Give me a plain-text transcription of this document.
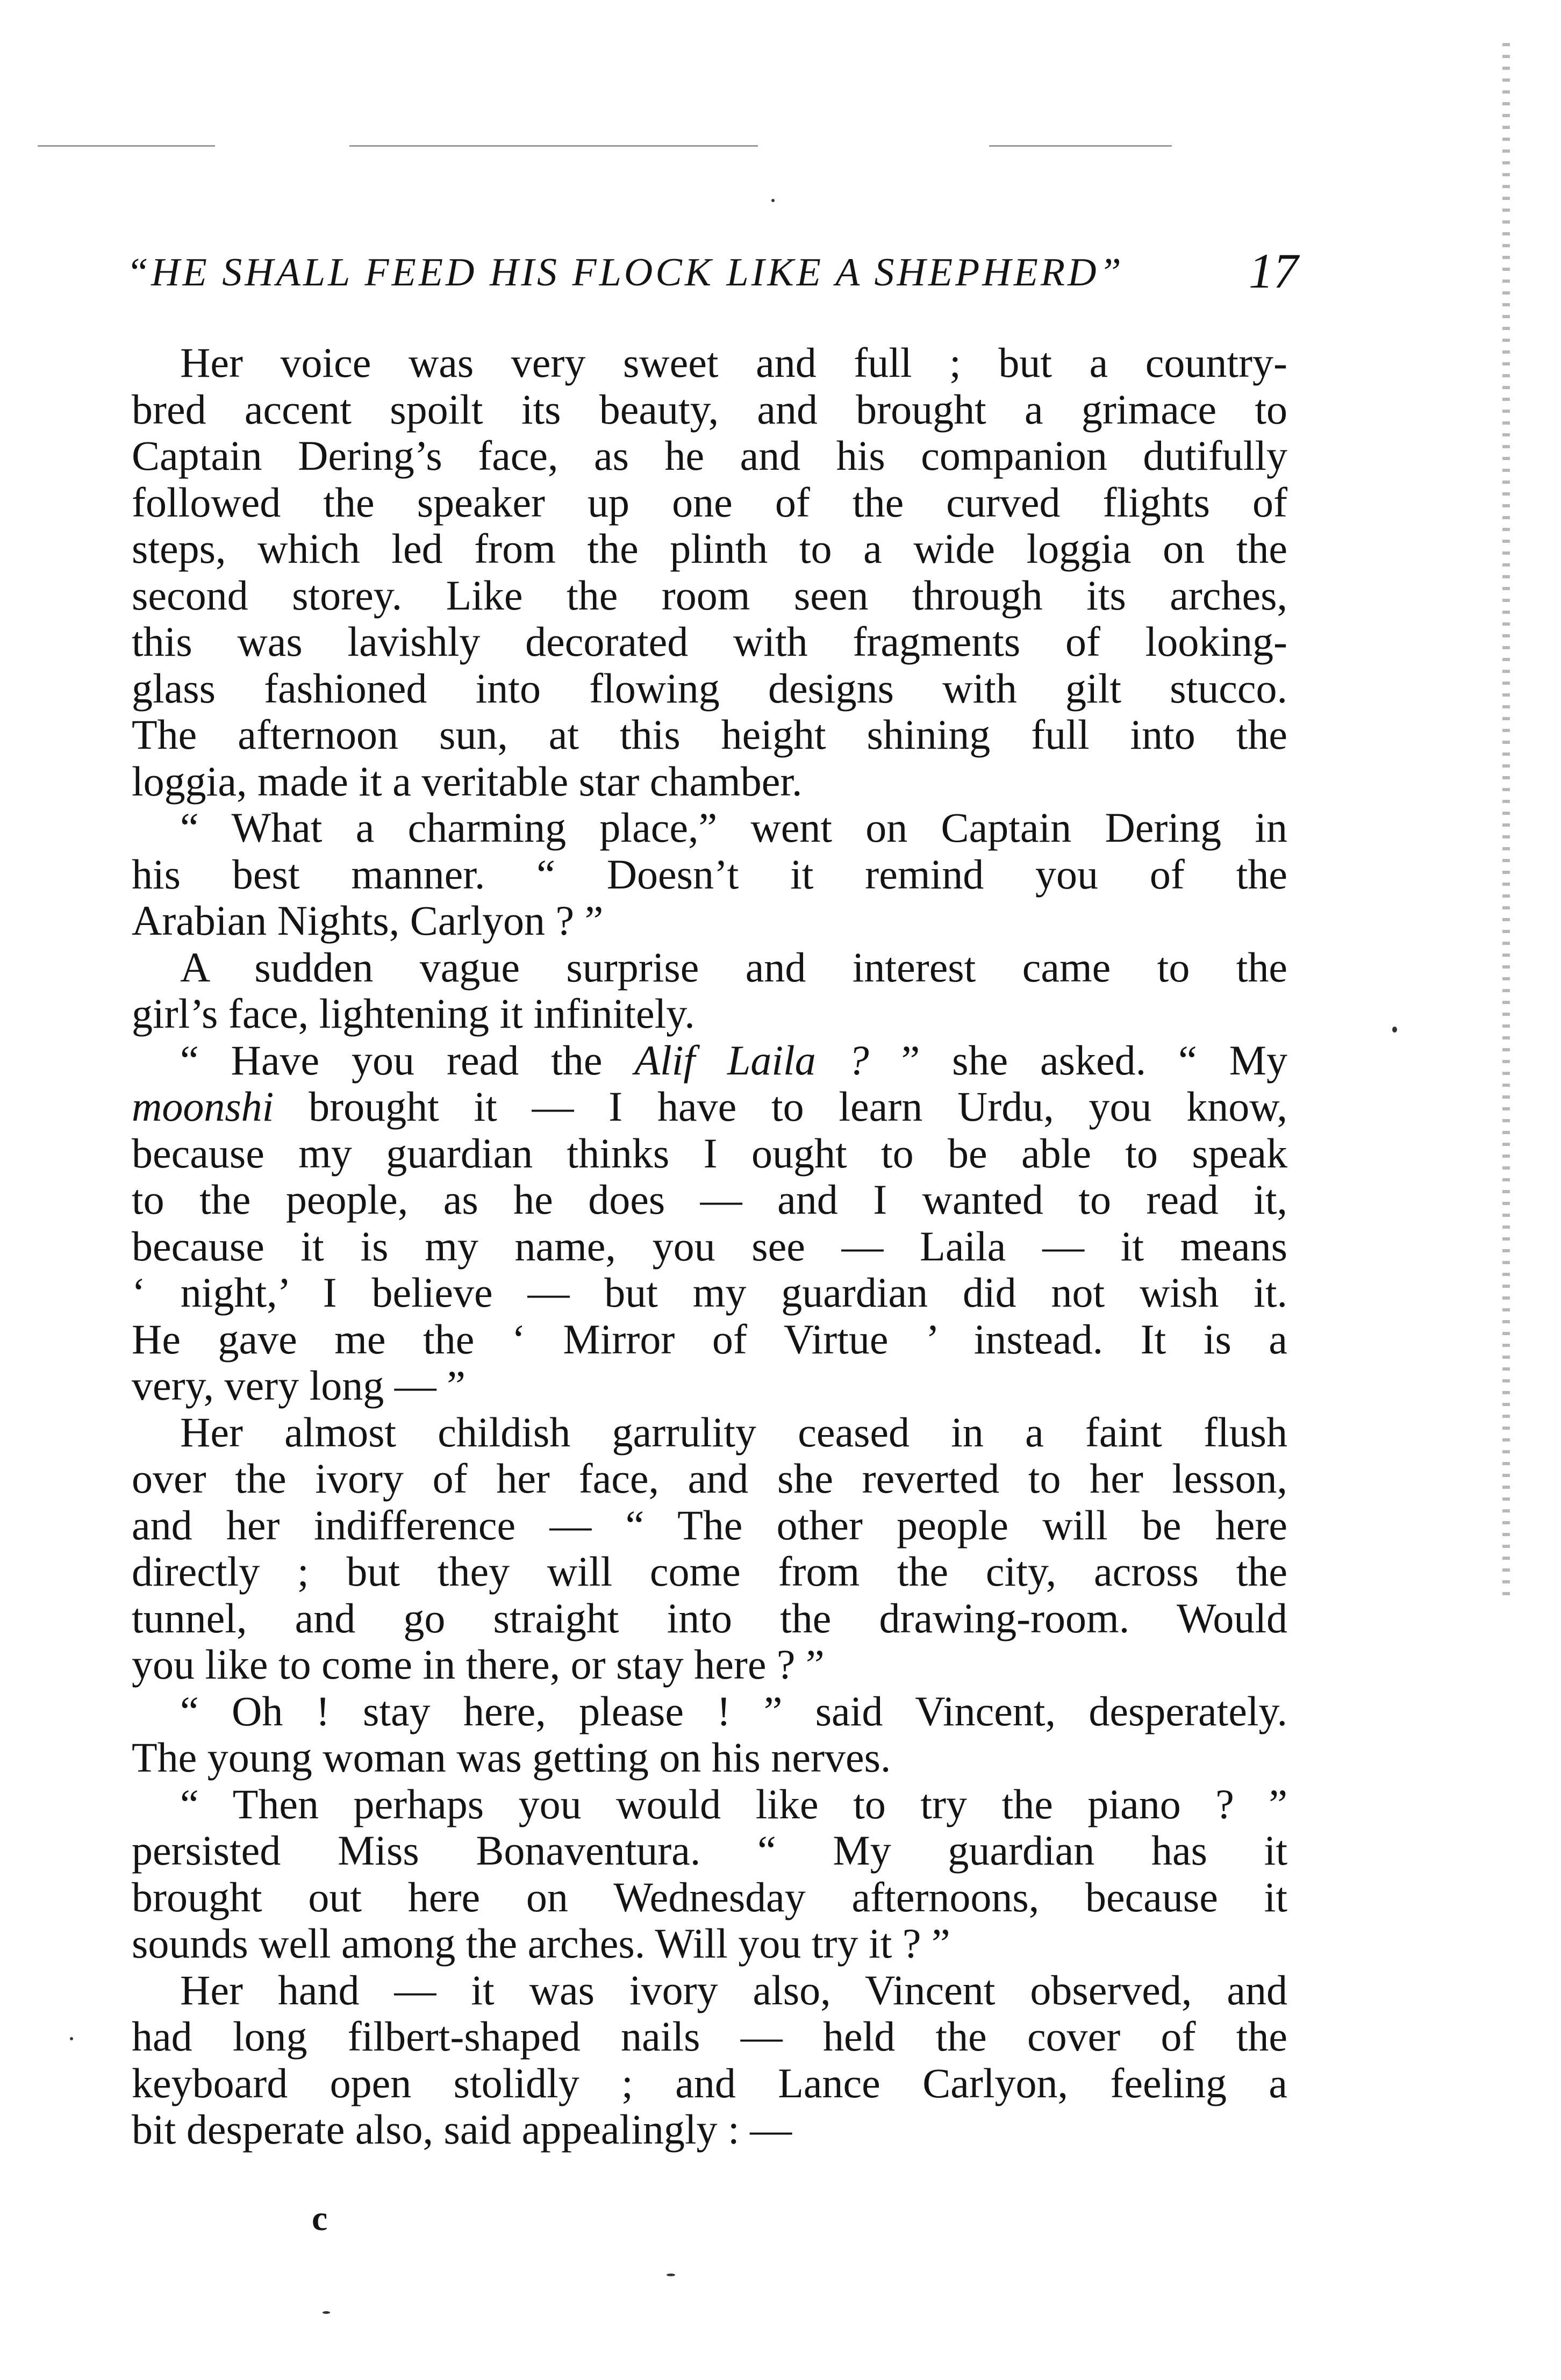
“HE SHALL FEED HIS FLOCK LIKE A SHEPHERD”	17
Her voice was very sweet and full ; but a country-
bred accent spoilt its beauty, and brought a grimace to
Captain Dering’s face, as he and his companion dutifully
followed the speaker up one of the curved flights of
steps, which led from the plinth to a wide loggia on the
second storey. Like the room seen through its arches,
this was lavishly decorated with fragments of looking-
glass fashioned into flowing designs with gilt stucco.
The afternoon sun, at this height shining full into the
loggia, made it a veritable star chamber.
“ What a charming place,” went on Captain Dering in
his best manner. “ Doesn’t it remind you of the
Arabian Nights, Carlyon ? ”
A sudden vague surprise and interest came to the
girl’s face, lightening it infinitely.
“ Have you read the Alif Laila ? ” she asked. “ My
moonshi brought it — I have to learn Urdu, you know,
because my guardian thinks I ought to be able to speak
to the people, as he does — and I wanted to read it,
because it is my name, you see — Laila — it means
‘ night,’ I believe — but my guardian did not wish it.
He gave me the ‘ Mirror of Virtue ’ instead. It is a
very, very long — ”
Her almost childish garrulity ceased in a faint flush
over the ivory of her face, and she reverted to her lesson,
and her indifference — “ The other people will be here
directly ; but they will come from the city, across the
tunnel, and go straight into the drawing-room. Would
you like to come in there, or stay here ? ”
“ Oh ! stay here, please ! ” said Vincent, desperately.
The young woman was getting on his nerves.
“ Then perhaps you would like to try the piano ? ”
persisted Miss Bonaventura. “ My guardian has it
brought out here on Wednesday afternoons, because it
sounds well among the arches. Will you try it ? ”
Her hand — it was ivory also, Vincent observed, and
had long filbert-shaped nails — held the cover of the
keyboard open stolidly ; and Lance Carlyon, feeling a
bit desperate also, said appealingly : —
c
